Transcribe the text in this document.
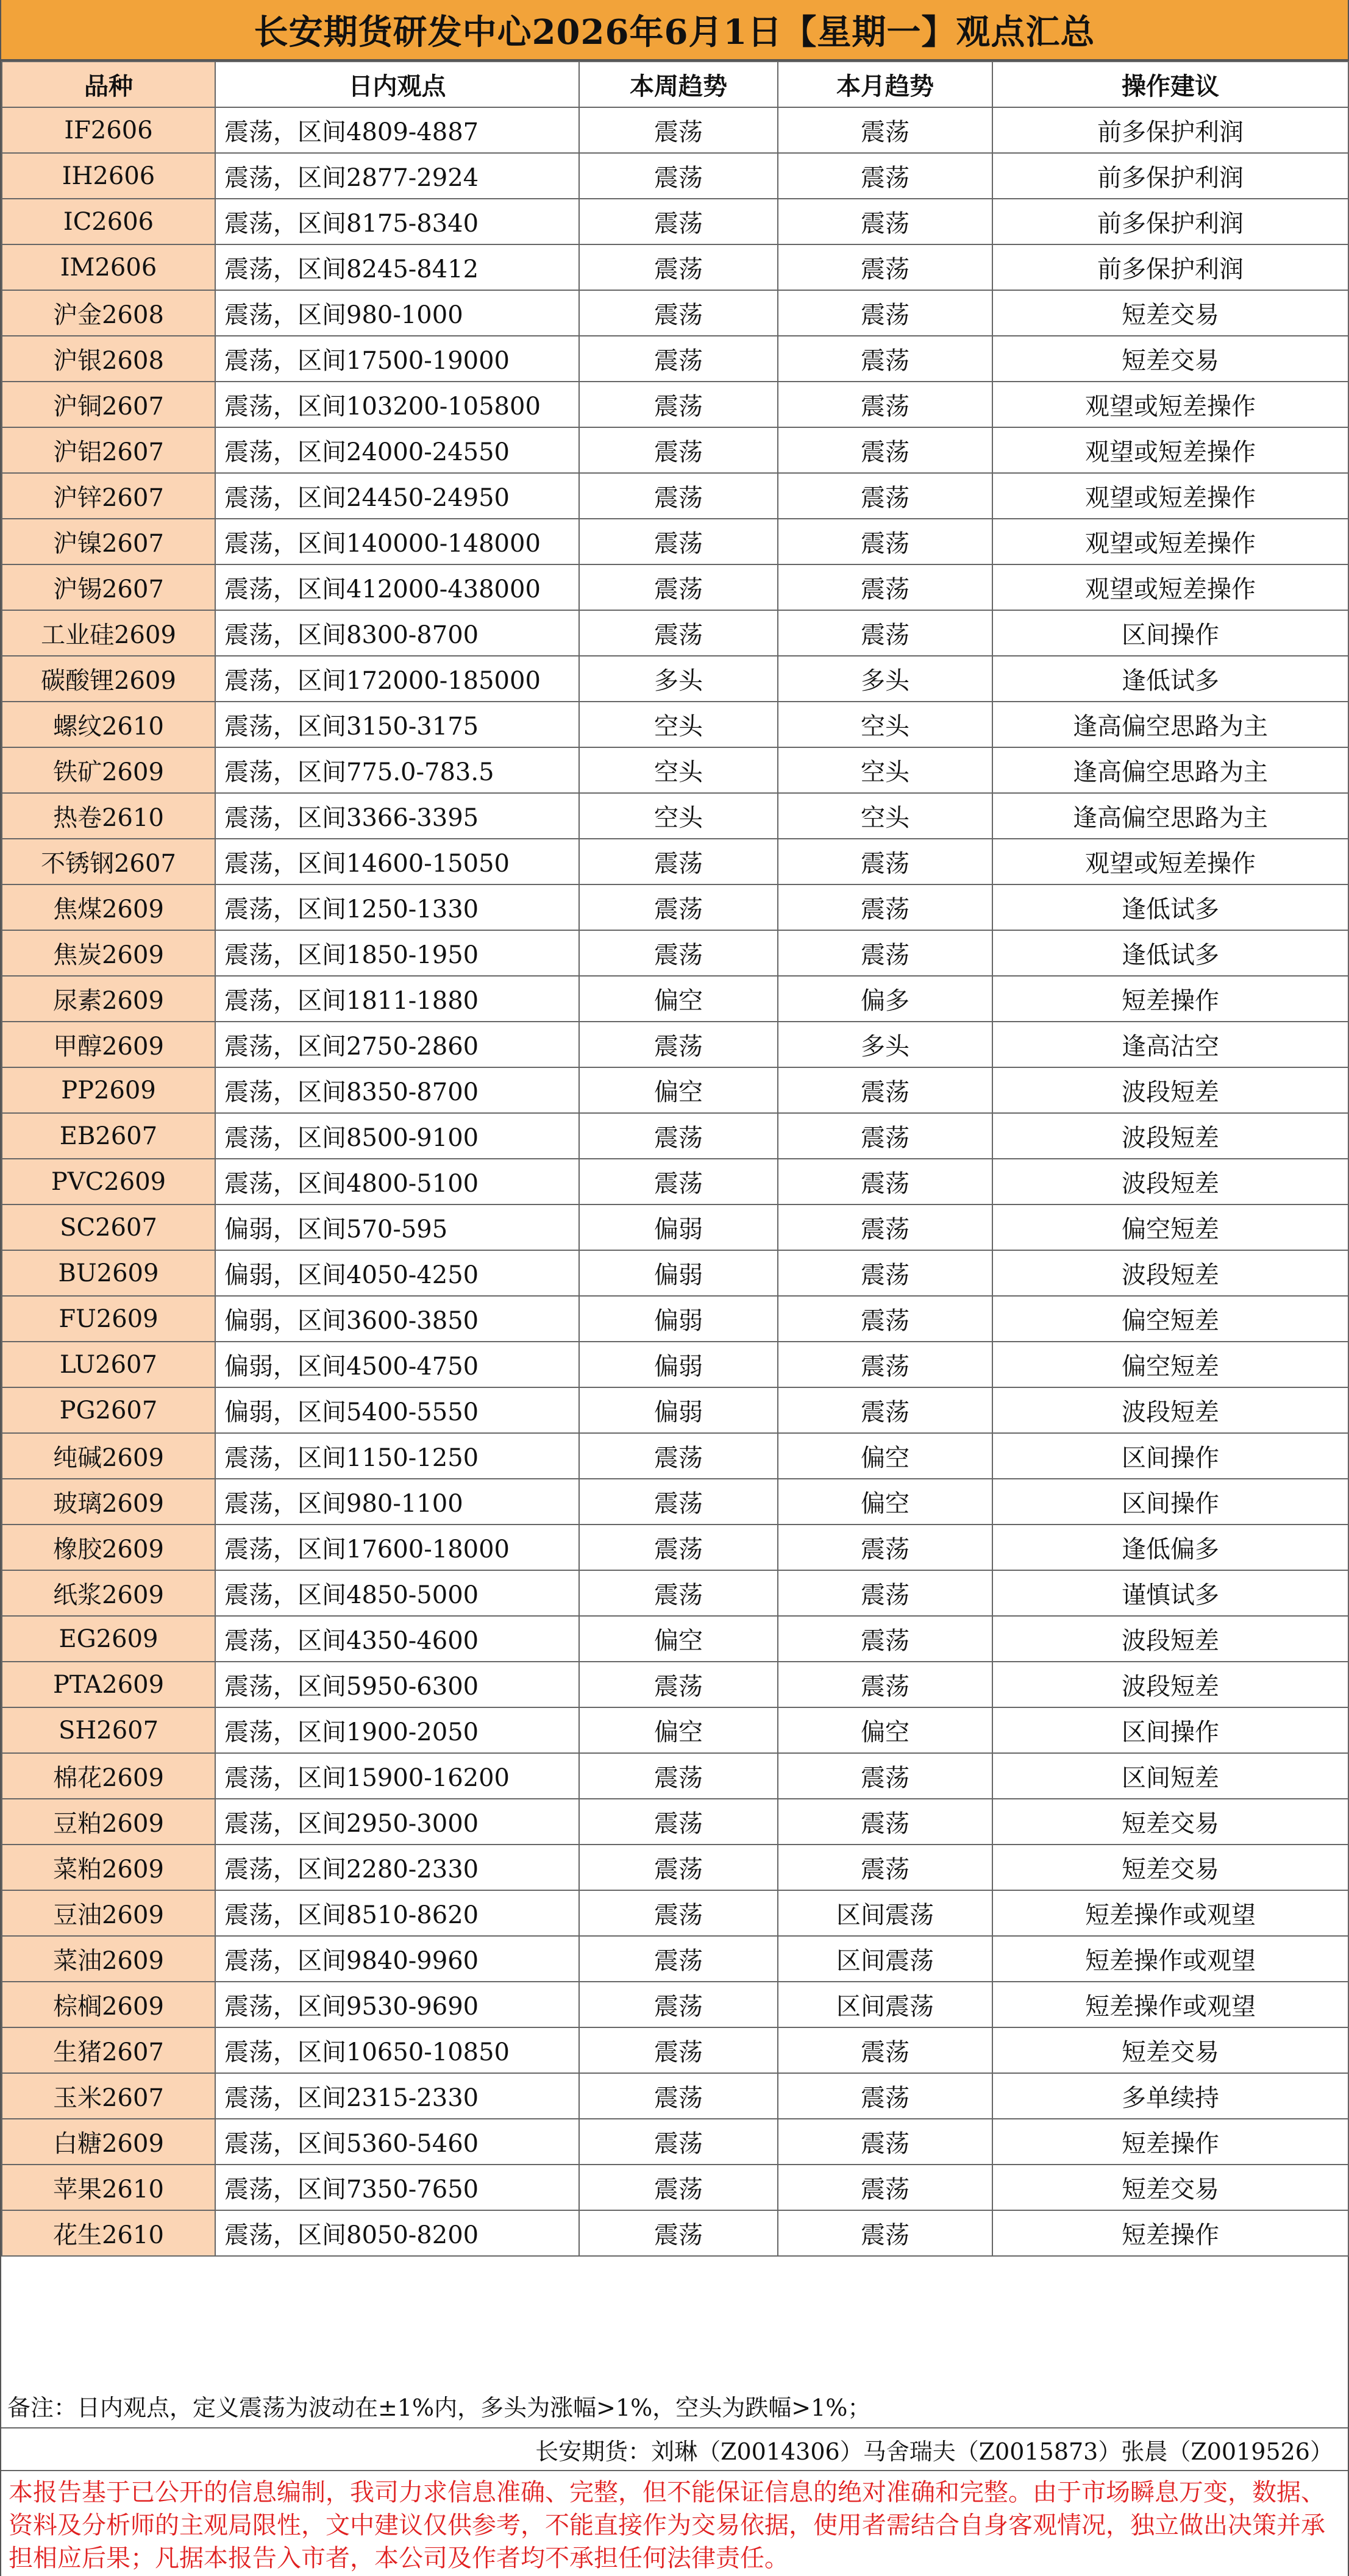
长安期货研发中心2026年6月1日【星期一】观点汇总
品种	日内观点	本周趋势	本月趋势	操作建议
IF2606	震荡，区间4809-4887	震荡	震荡	前多保护利润
IH2606	震荡，区间2877-2924	震荡	震荡	前多保护利润
IC2606	震荡，区间8175-8340	震荡	震荡	前多保护利润
IM2606	震荡，区间8245-8412	震荡	震荡	前多保护利润
沪金2608	震荡，区间980-1000	震荡	震荡	短差交易
沪银2608	震荡，区间17500-19000	震荡	震荡	短差交易
沪铜2607	震荡，区间103200-105800	震荡	震荡	观望或短差操作
沪铝2607	震荡，区间24000-24550	震荡	震荡	观望或短差操作
沪锌2607	震荡，区间24450-24950	震荡	震荡	观望或短差操作
沪镍2607	震荡，区间140000-148000	震荡	震荡	观望或短差操作
沪锡2607	震荡，区间412000-438000	震荡	震荡	观望或短差操作
工业硅2609	震荡，区间8300-8700	震荡	震荡	区间操作
碳酸锂2609	震荡，区间172000-185000	多头	多头	逢低试多
螺纹2610	震荡，区间3150-3175	空头	空头	逢高偏空思路为主
铁矿2609	震荡，区间775.0-783.5	空头	空头	逢高偏空思路为主
热卷2610	震荡，区间3366-3395	空头	空头	逢高偏空思路为主
不锈钢2607	震荡，区间14600-15050	震荡	震荡	观望或短差操作
焦煤2609	震荡，区间1250-1330	震荡	震荡	逢低试多
焦炭2609	震荡，区间1850-1950	震荡	震荡	逢低试多
尿素2609	震荡，区间1811-1880	偏空	偏多	短差操作
甲醇2609	震荡，区间2750-2860	震荡	多头	逢高沽空
PP2609	震荡，区间8350-8700	偏空	震荡	波段短差
EB2607	震荡，区间8500-9100	震荡	震荡	波段短差
PVC2609	震荡，区间4800-5100	震荡	震荡	波段短差
SC2607	偏弱，区间570-595	偏弱	震荡	偏空短差
BU2609	偏弱，区间4050-4250	偏弱	震荡	波段短差
FU2609	偏弱，区间3600-3850	偏弱	震荡	偏空短差
LU2607	偏弱，区间4500-4750	偏弱	震荡	偏空短差
PG2607	偏弱，区间5400-5550	偏弱	震荡	波段短差
纯碱2609	震荡，区间1150-1250	震荡	偏空	区间操作
玻璃2609	震荡，区间980-1100	震荡	偏空	区间操作
橡胶2609	震荡，区间17600-18000	震荡	震荡	逢低偏多
纸浆2609	震荡，区间4850-5000	震荡	震荡	谨慎试多
EG2609	震荡，区间4350-4600	偏空	震荡	波段短差
PTA2609	震荡，区间5950-6300	震荡	震荡	波段短差
SH2607	震荡，区间1900-2050	偏空	偏空	区间操作
棉花2609	震荡，区间15900-16200	震荡	震荡	区间短差
豆粕2609	震荡，区间2950-3000	震荡	震荡	短差交易
菜粕2609	震荡，区间2280-2330	震荡	震荡	短差交易
豆油2609	震荡，区间8510-8620	震荡	区间震荡	短差操作或观望
菜油2609	震荡，区间9840-9960	震荡	区间震荡	短差操作或观望
棕榈2609	震荡，区间9530-9690	震荡	区间震荡	短差操作或观望
生猪2607	震荡，区间10650-10850	震荡	震荡	短差交易
玉米2607	震荡，区间2315-2330	震荡	震荡	多单续持
白糖2609	震荡，区间5360-5460	震荡	震荡	短差操作
苹果2610	震荡，区间7350-7650	震荡	震荡	短差交易
花生2610	震荡，区间8050-8200	震荡	震荡	短差操作
备注：日内观点，定义震荡为波动在±1%内，多头为涨幅>1%，空头为跌幅>1%；
长安期货：刘琳（Z0014306）马舍瑞夫（Z0015873）张晨（Z0019526）
本报告基于已公开的信息编制，我司力求信息准确、完整，但不能保证信息的绝对准确和完整。由于市场瞬息万变，数据、资料及分析师的主观局限性，文中建议仅供参考，不能直接作为交易依据，使用者需结合自身客观情况，独立做出决策并承担相应后果；凡据本报告入市者，本公司及作者均不承担任何法律责任。
